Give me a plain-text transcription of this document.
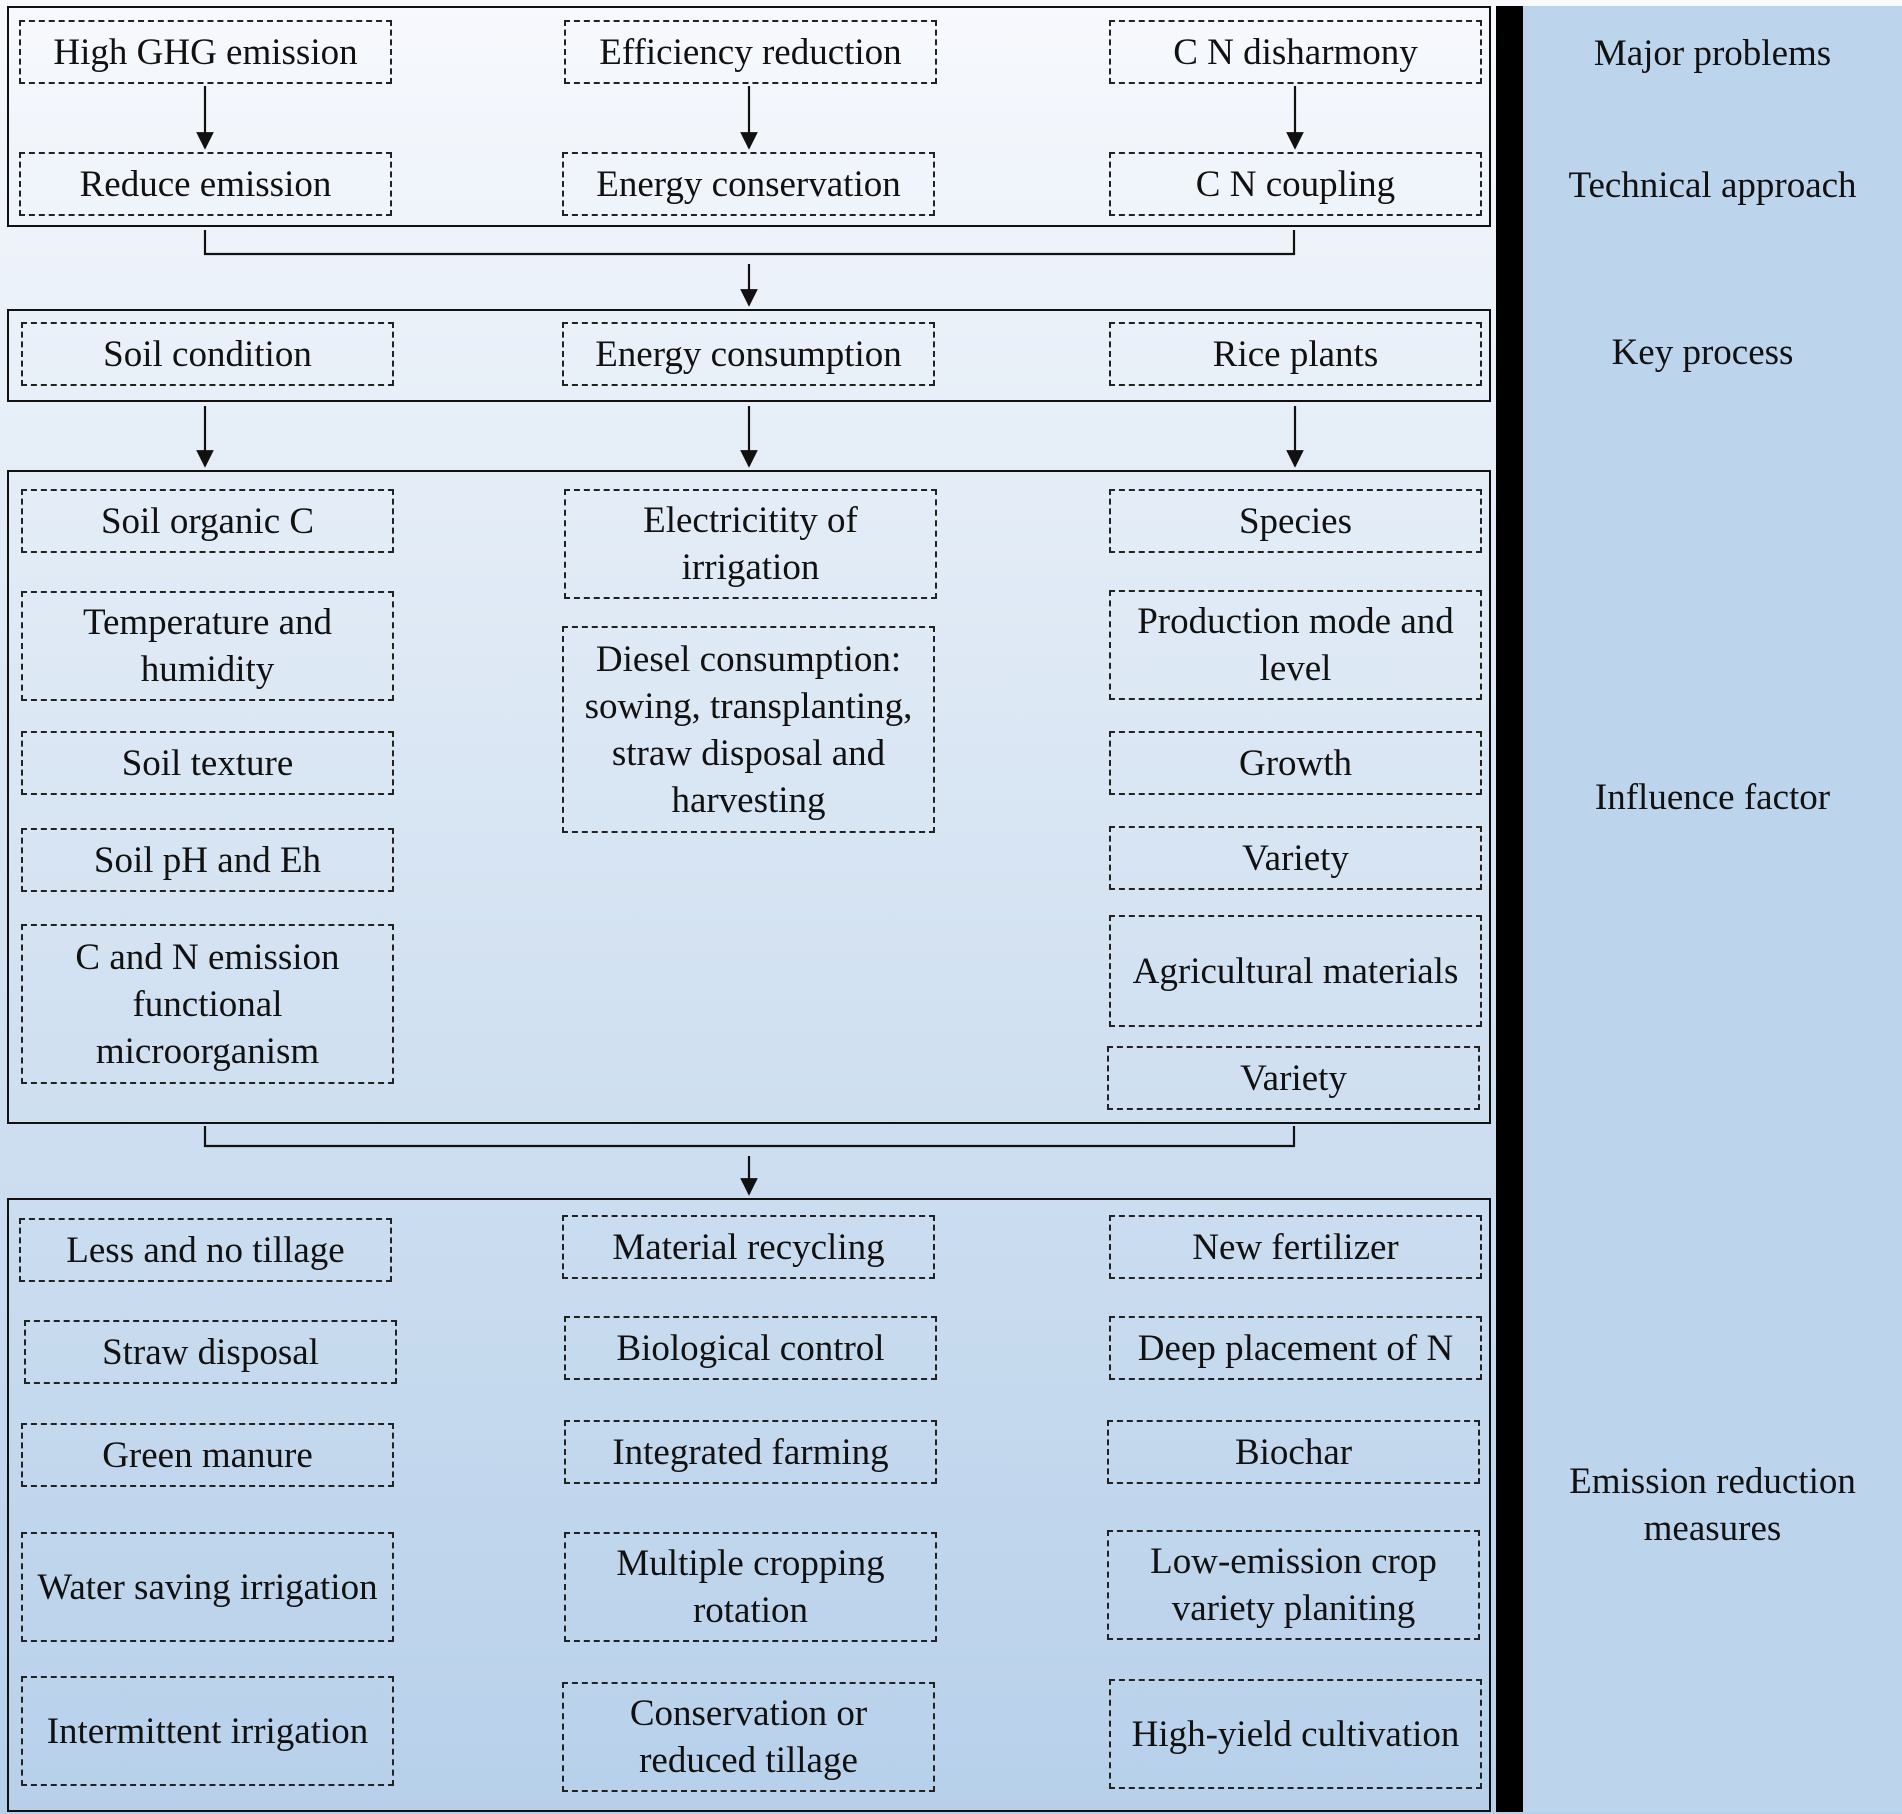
High GHG emission	Efficiency reduction	C N disharmony
Reduce emission	Energy conservation	C N coupling
Soil condition	Energy consumption	Rice plants
Soil organic C
Temperature and humidity
Soil texture
Soil pH and Eh
C and N emission functional microorganism
Electricitity of irrigation
Diesel consumption: sowing, transplanting, straw disposal and harvesting
Species
Production mode and level
Growth
Variety
Agricultural materials
Variety
Less and no tillage
Straw disposal
Green manure
Water saving irrigation
Intermittent irrigation
Material recycling
Biological control
Integrated farming
Multiple cropping rotation
Conservation or reduced tillage
New fertilizer
Deep placement of N
Biochar
Low-emission crop variety planiting
High-yield cultivation
Major problems
Technical approach
Key process
Influence factor
Emission reduction measures
